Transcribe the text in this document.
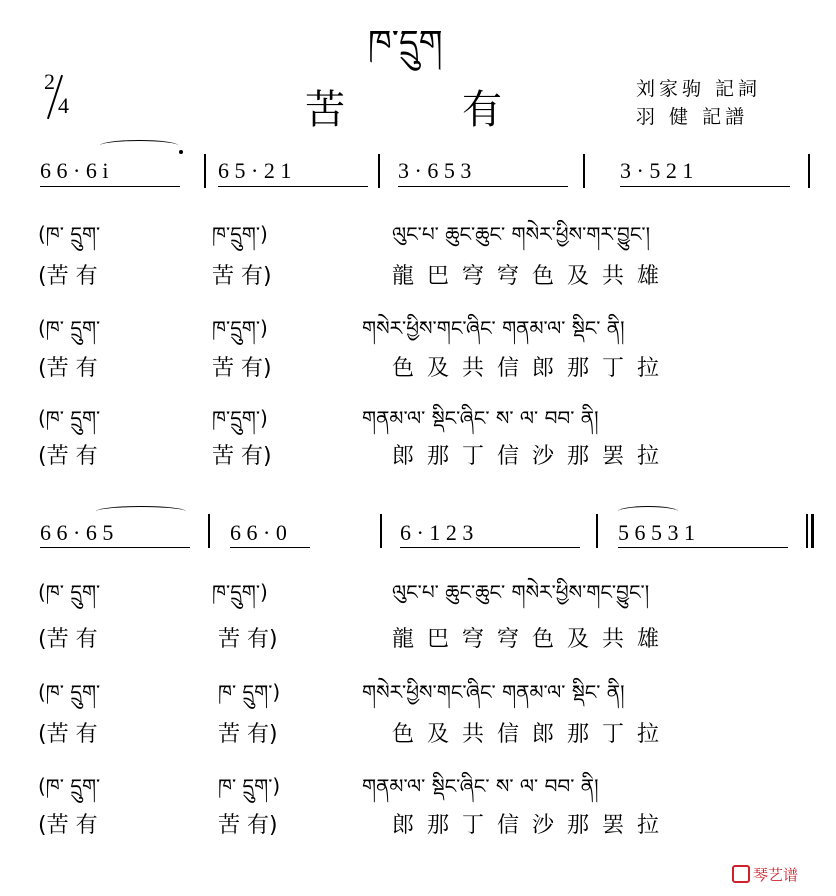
ཁ་དྲུག
2
4	苦	有	刘家驹 記詞
羽 健 記譜
6 6 · 6 i	6 5 · 2 1	3 · 6 5 3	3 · 5 2 1
(ཁ་ དྲུག་	ཁ་དྲུག་)	ལུང་པ་ ཆུང་ཆུང་ གསེར་ཕྱིས་གར་བྱུང་།
(苦 有	苦 有)	龍 巴 穹 穹 色 及 共 雄
(ཁ་ དྲུག་	ཁ་དྲུག་)	གསེར་ཕྱིས་གང་ཞིང་ གནམ་ལ་ སྡིང་ ནི།
(苦 有	苦 有)	色 及 共 信 郎 那 丁 拉
(ཁ་ དྲུག་	ཁ་དྲུག་)	གནམ་ལ་ སྡིང་ཞིང་ ས་ ལ་ བབ་ ནི།
(苦 有	苦 有)	郎 那 丁 信 沙 那 罢 拉
6 6 · 6 5	6 6 · 0	6 · 1 2 3	5 6 5 3 1
(ཁ་ དྲུག་	ཁ་དྲུག་)	ལུང་པ་ ཆུང་ཆུང་ གསེར་ཕྱིས་གང་བྱུང་།
(苦 有	苦 有)	龍 巴 穹 穹 色 及 共 雄
(ཁ་ དྲུག་	ཁ་ དྲུག་)	གསེར་ཕྱིས་གང་ཞིང་ གནམ་ལ་ སྡིང་ ནི།
(苦 有	苦 有)	色 及 共 信 郎 那 丁 拉
(ཁ་ དྲུག་	ཁ་ དྲུག་)	གནམ་ལ་ སྡིང་ཞིང་ ས་ ལ་ བབ་ ནི།
(苦 有	苦 有)	郎 那 丁 信 沙 那 罢 拉
琴艺谱
